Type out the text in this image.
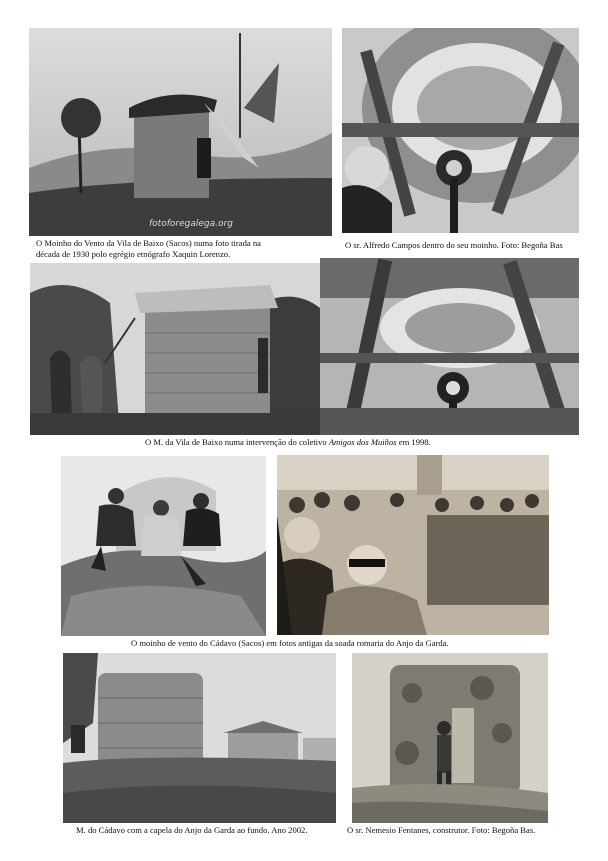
fotoforegalega.org
O Moinho do Vento da Vila de Baixo (Sacos) numa foto tirada na
década de 1930 polo egrégio etnógrafo Xaquin Lorenzo.
O sr. Alfredo Campos dentro do seu moinho. Foto: Begoña Bas
O M. da Vila de Baixo numa intervenção do coletivo Amigos dos Muiños em 1998.
O moinho de vento do Cádavo (Sacos) em fotos antigas da soada romaria do Anjo da Garda.
M. do Cádavo com a capela do Anjo da Garda ao fundo. Ano 2002.	O sr. Nemesio Fentanes, construtor. Foto: Begoña Bas.
